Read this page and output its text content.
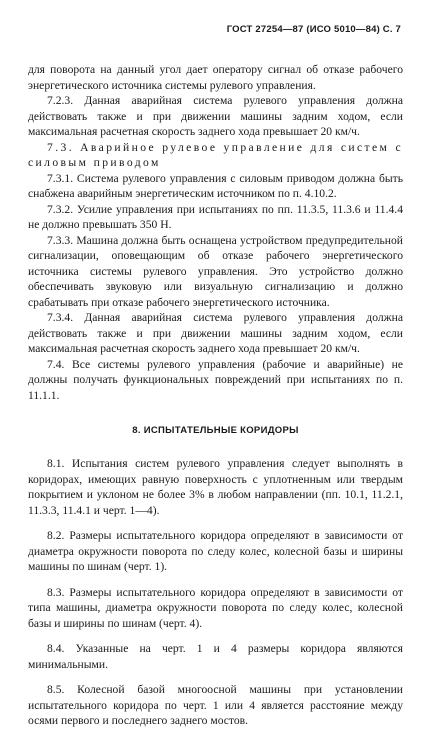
ГОСТ 27254—87 (ИСО 5010—84) С. 7

для поворота на данный угол дает оператору сигнал об отказе рабочего энергетического источника системы рулевого управления.

7.2.3. Данная аварийная система рулевого управления должна действовать также и при движении машины задним ходом, если максимальная расчетная скорость заднего хода превышает 20 км/ч.

7.3. Аварийное рулевое управление для систем с силовым приводом

7.3.1. Система рулевого управления с силовым приводом должна быть снабжена аварийным энергетическим источником по п. 4.10.2.

7.3.2. Усилие управления при испытаниях по пп. 11.3.5, 11.3.6 и 11.4.4 не должно превышать 350 Н.

7.3.3. Машина должна быть оснащена устройством предупредительной сигнализации, оповещающим об отказе рабочего энергетического источника системы рулевого управления. Это устройство должно обеспечивать звуковую или визуальную сигнализацию и должно срабатывать при отказе рабочего энергетического источника.

7.3.4. Данная аварийная система рулевого управления должна действовать также и при движении машины задним ходом, если максимальная расчетная скорость заднего хода превышает 20 км/ч.

7.4. Все системы рулевого управления (рабочие и аварийные) не должны получать функциональных повреждений при испытаниях по п. 11.1.1.

8. ИСПЫТАТЕЛЬНЫЕ КОРИДОРЫ

8.1. Испытания систем рулевого управления следует выполнять в коридорах, имеющих равную поверхность с уплотненным или твердым покрытием и уклоном не более 3% в любом направлении (пп. 10.1, 11.2.1, 11.3.3, 11.4.1 и черт. 1—4).

8.2. Размеры испытательного коридора определяют в зависимости от диаметра окружности поворота по следу колес, колесной базы и ширины машины по шинам (черт. 1).

8.3. Размеры испытательного коридора определяют в зависимости от типа машины, диаметра окружности поворота по следу колес, колесной базы и ширины по шинам (черт. 4).

8.4. Указанные на черт. 1 и 4 размеры коридора являются минимальными.

8.5. Колесной базой многоосной машины при установлении испытательного коридора по черт. 1 или 4 является расстояние между осями первого и последнего заднего мостов.
